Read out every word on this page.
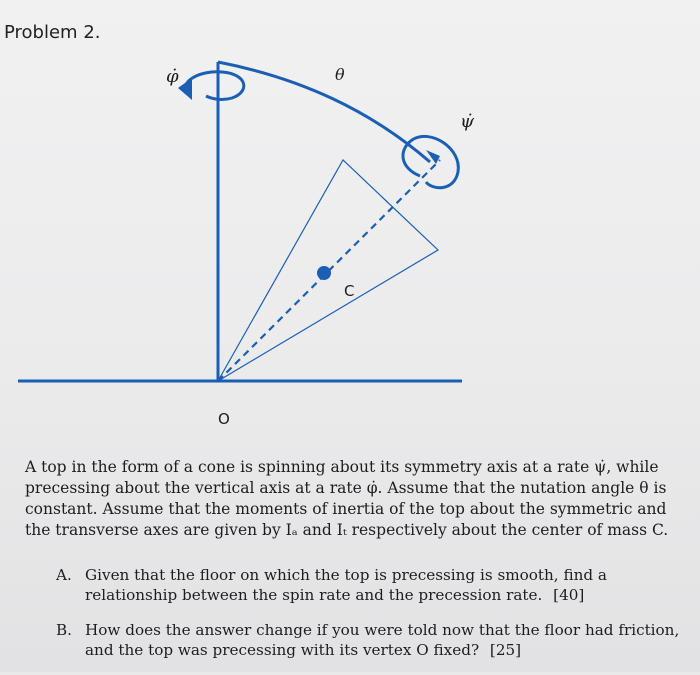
Problem 2.
φ̇	θ
ψ̇
C
O
A top in the form of a cone is spinning about its symmetry axis at a rate ψ̇, while precessing about the vertical axis at a rate φ̇. Assume that the nutation angle θ is constant. Assume that the moments of inertia of the top about the symmetric and the transverse axes are given by Iₐ and Iₜ respectively about the center of mass C.
A. Given that the floor on which the top is precessing is smooth, find a relationship between the spin rate and the precession rate. [40]
B. How does the answer change if you were told now that the floor had friction, and the top was precessing with its vertex O fixed? [25]
